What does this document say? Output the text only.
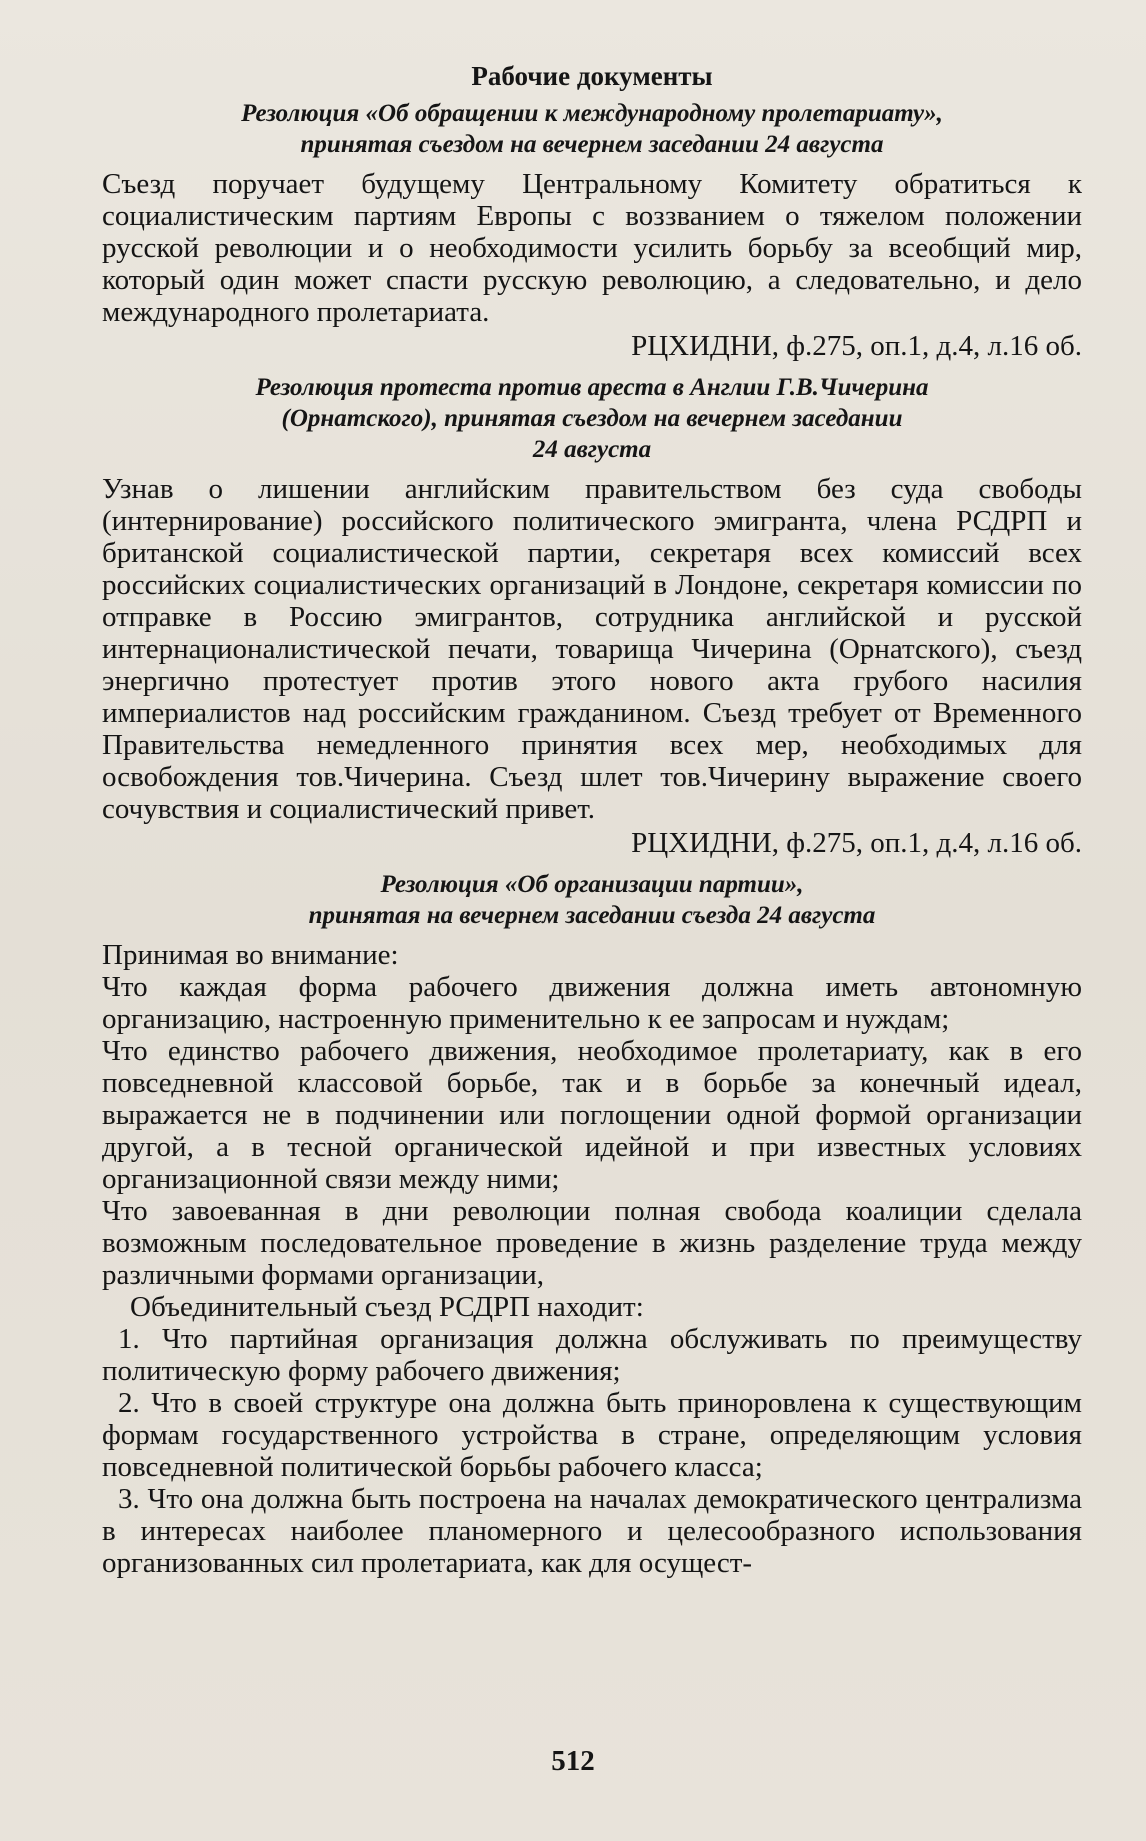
Рабочие документы
Резолюция «Об обращении к международному пролетариату»,
принятая съездом на вечернем заседании 24 августа

Съезд поручает будущему Центральному Комитету обратиться к социалистическим партиям Европы с воззванием о тяжелом положении русской революции и о необходимости усилить борьбу за всеобщий мир, который один может спасти русскую революцию, а следовательно, и дело международного пролетариата.

РЦХИДНИ, ф.275, оп.1, д.4, л.16 об.
Резолюция протеста против ареста в Англии Г.В.Чичерина
(Орнатского), принятая съездом на вечернем заседании
24 августа

Узнав о лишении английским правительством без суда свободы (интернирование) российского политического эмигранта, члена РСДРП и британской социалистической партии, секретаря всех комиссий всех российских социалистических организаций в Лондоне, секретаря комиссии по отправке в Россию эмигрантов, сотрудника английской и русской интернационалистической печати, товарища Чичерина (Орнатского), съезд энергично протестует против этого нового акта грубого насилия империалистов над российским гражданином. Съезд требует от Временного Правительства немедленного принятия всех мер, необходимых для освобождения тов.Чичерина. Съезд шлет тов.Чичерину выражение своего сочувствия и социалистический привет.

РЦХИДНИ, ф.275, оп.1, д.4, л.16 об.
Резолюция «Об организации партии»,
принятая на вечернем заседании съезда 24 августа

Принимая во внимание:

Что каждая форма рабочего движения должна иметь автономную организацию, настроенную применительно к ее запросам и нуждам;

Что единство рабочего движения, необходимое пролетариату, как в его повседневной классовой борьбе, так и в борьбе за конечный идеал, выражается не в подчинении или поглощении одной формой организации другой, а в тесной органической идейной и при известных условиях организационной связи между ними;

Что завоеванная в дни революции полная свобода коалиции сделала возможным последовательное проведение в жизнь разделение труда между различными формами организации,

Объединительный съезд РСДРП находит:

1. Что партийная организация должна обслуживать по преимуществу политическую форму рабочего движения;

2. Что в своей структуре она должна быть приноровлена к существующим формам государственного устройства в стране, определяющим условия повседневной политической борьбы рабочего класса;

3. Что она должна быть построена на началах демократического централизма в интересах наиболее планомерного и целесообразного использования организованных сил пролетариата, как для осущест-

512
